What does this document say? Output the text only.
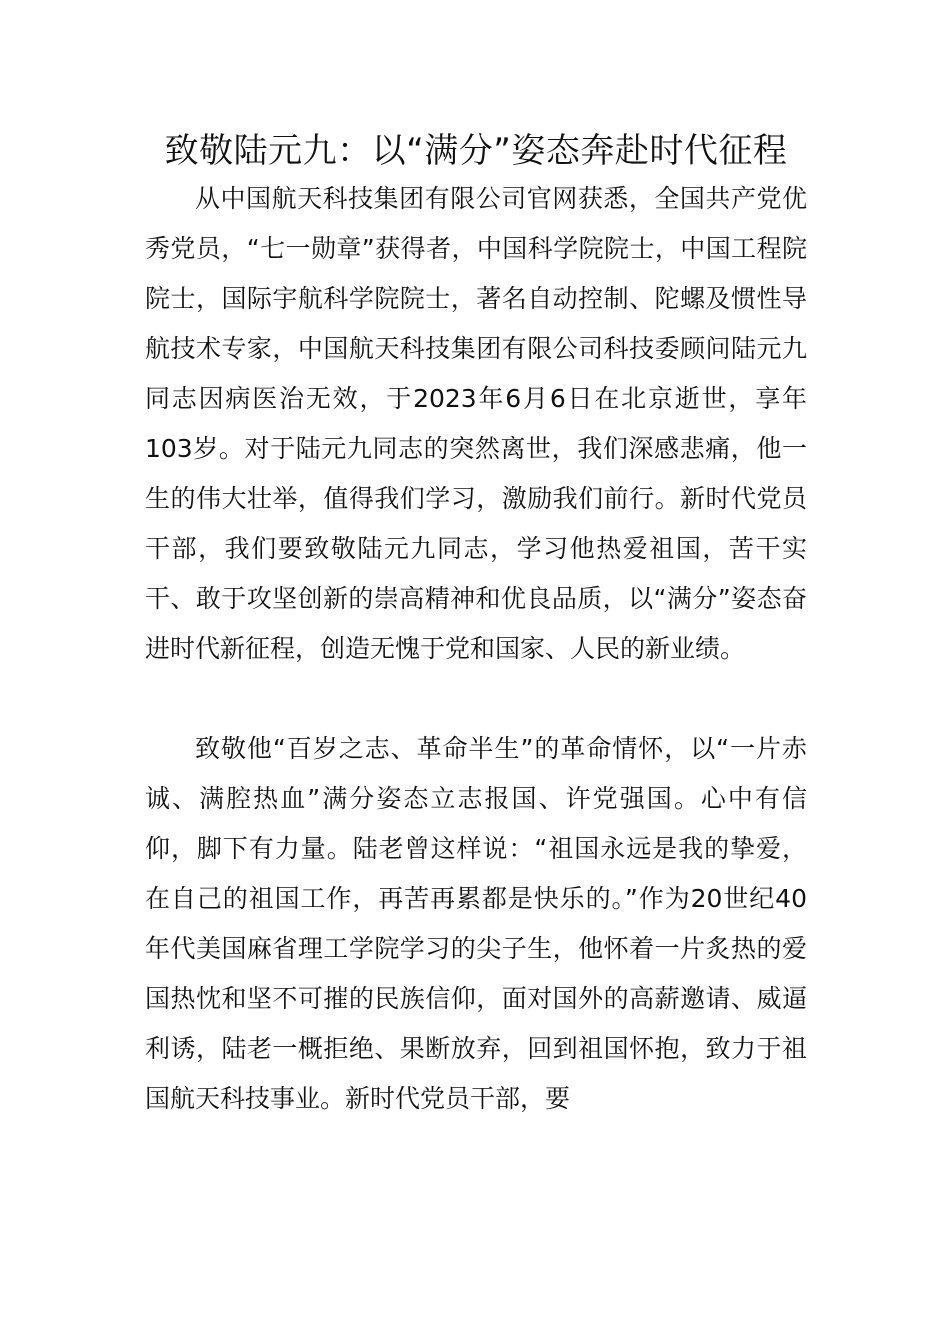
致敬陆元九：以“满分”姿态奔赴时代征程

从中国航天科技集团有限公司官网获悉，全国共产党优秀党员，“七一勋章”获得者，中国科学院院士，中国工程院院士，国际宇航科学院院士，著名自动控制、陀螺及惯性导航技术专家，中国航天科技集团有限公司科技委顾问陆元九同志因病医治无效，于2023年6月6日在北京逝世，享年103岁。对于陆元九同志的突然离世，我们深感悲痛，他一生的伟大壮举，值得我们学习，激励我们前行。新时代党员干部，我们要致敬陆元九同志，学习他热爱祖国，苦干实干、敢于攻坚创新的崇高精神和优良品质，以“满分”姿态奋进时代新征程，创造无愧于党和国家、人民的新业绩。

致敬他“百岁之志、革命半生”的革命情怀，以“一片赤诚、满腔热血”满分姿态立志报国、许党强国。心中有信仰，脚下有力量。陆老曾这样说：“祖国永远是我的挚爱，在自己的祖国工作，再苦再累都是快乐的。”作为20世纪40年代美国麻省理工学院学习的尖子生，他怀着一片炙热的爱国热忱和坚不可摧的民族信仰，面对国外的高薪邀请、威逼利诱，陆老一概拒绝、果断放弃，回到祖国怀抱，致力于祖国航天科技事业。新时代党员干部，要
